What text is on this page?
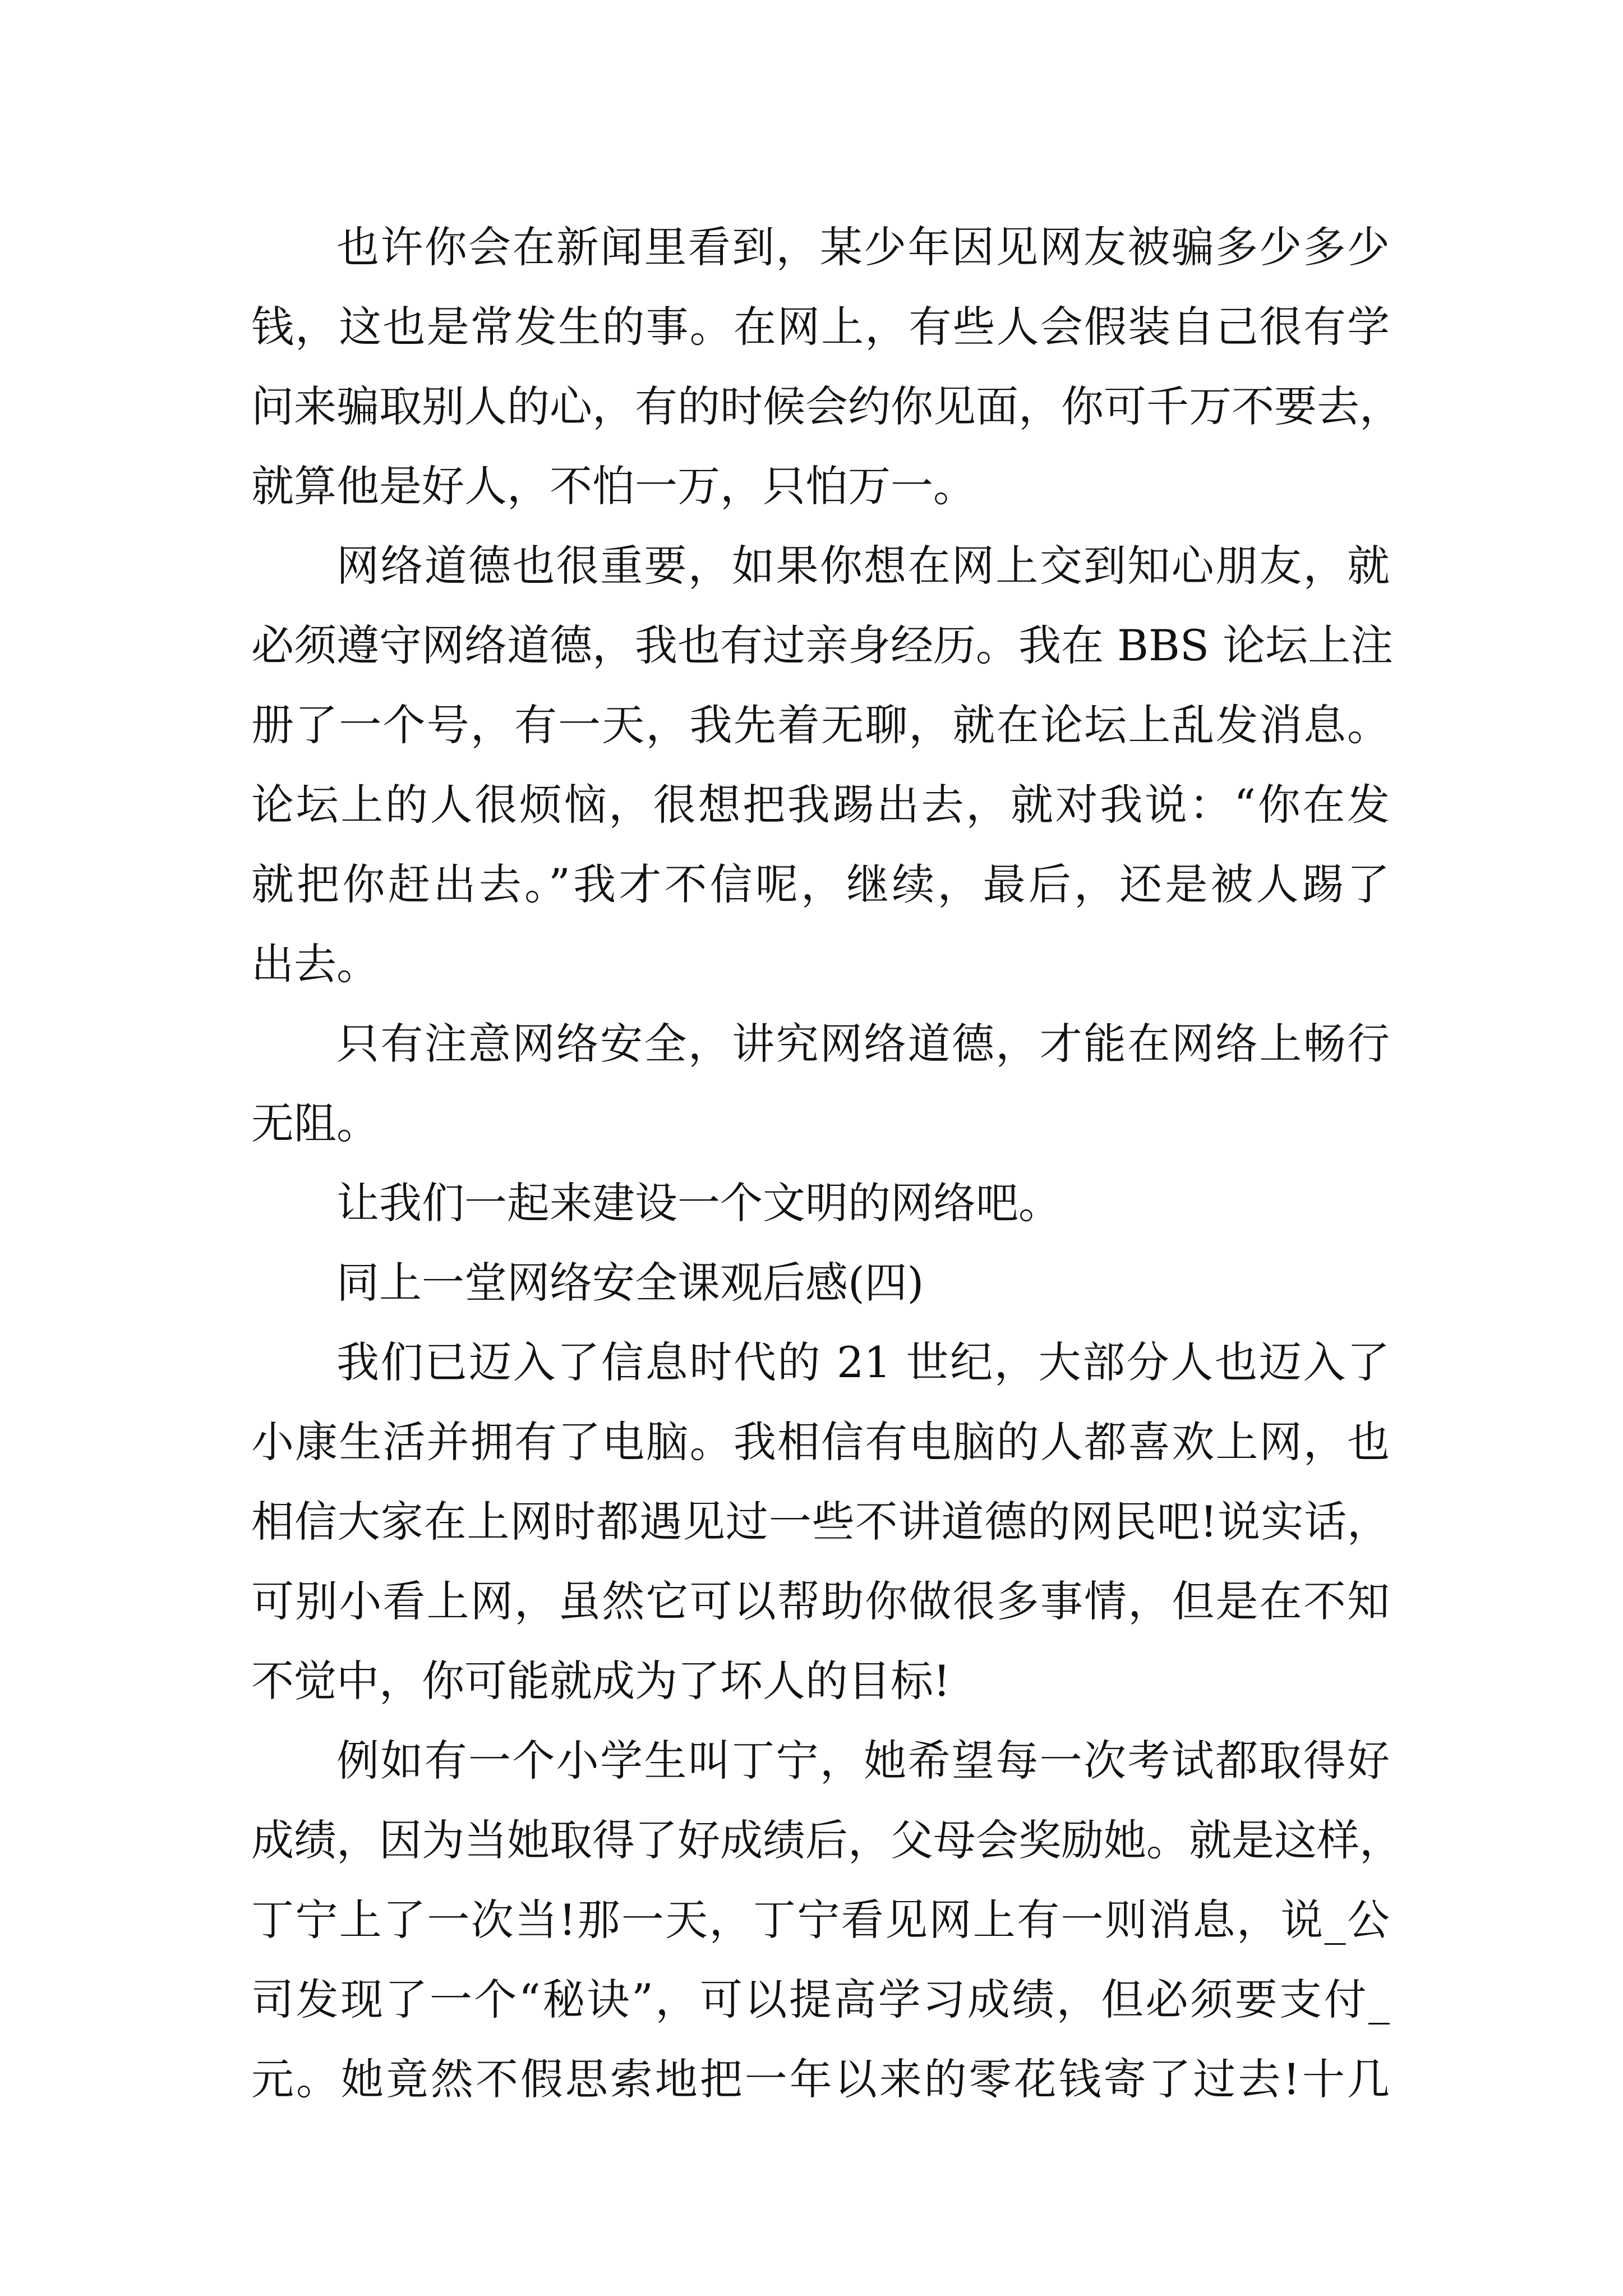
也许你会在新闻里看到，某少年因见网友被骗多少多少
钱，这也是常发生的事。在网上，有些人会假装自己很有学
问来骗取别人的心，有的时候会约你见面，你可千万不要去，
就算他是好人，不怕一万，只怕万一。
网络道德也很重要，如果你想在网上交到知心朋友，就
必须遵守网络道德，我也有过亲身经历。我在 BBS 论坛上注
册了一个号，有一天，我先着无聊，就在论坛上乱发消息。
论坛上的人很烦恼，很想把我踢出去，就对我说：“你在发
就把你赶出去。”我才不信呢，继续，最后，还是被人踢了
出去。
只有注意网络安全，讲究网络道德，才能在网络上畅行
无阻。
让我们一起来建设一个文明的网络吧。
同上一堂网络安全课观后感(四)
我们已迈入了信息时代的 21 世纪，大部分人也迈入了
小康生活并拥有了电脑。我相信有电脑的人都喜欢上网，也
相信大家在上网时都遇见过一些不讲道德的网民吧!说实话，
可别小看上网，虽然它可以帮助你做很多事情，但是在不知
不觉中，你可能就成为了坏人的目标!
例如有一个小学生叫丁宁，她希望每一次考试都取得好
成绩，因为当她取得了好成绩后，父母会奖励她。就是这样，
丁宁上了一次当!那一天，丁宁看见网上有一则消息，说_公
司发现了一个“秘诀”，可以提高学习成绩，但必须要支付_
元。她竟然不假思索地把一年以来的零花钱寄了过去!十几
